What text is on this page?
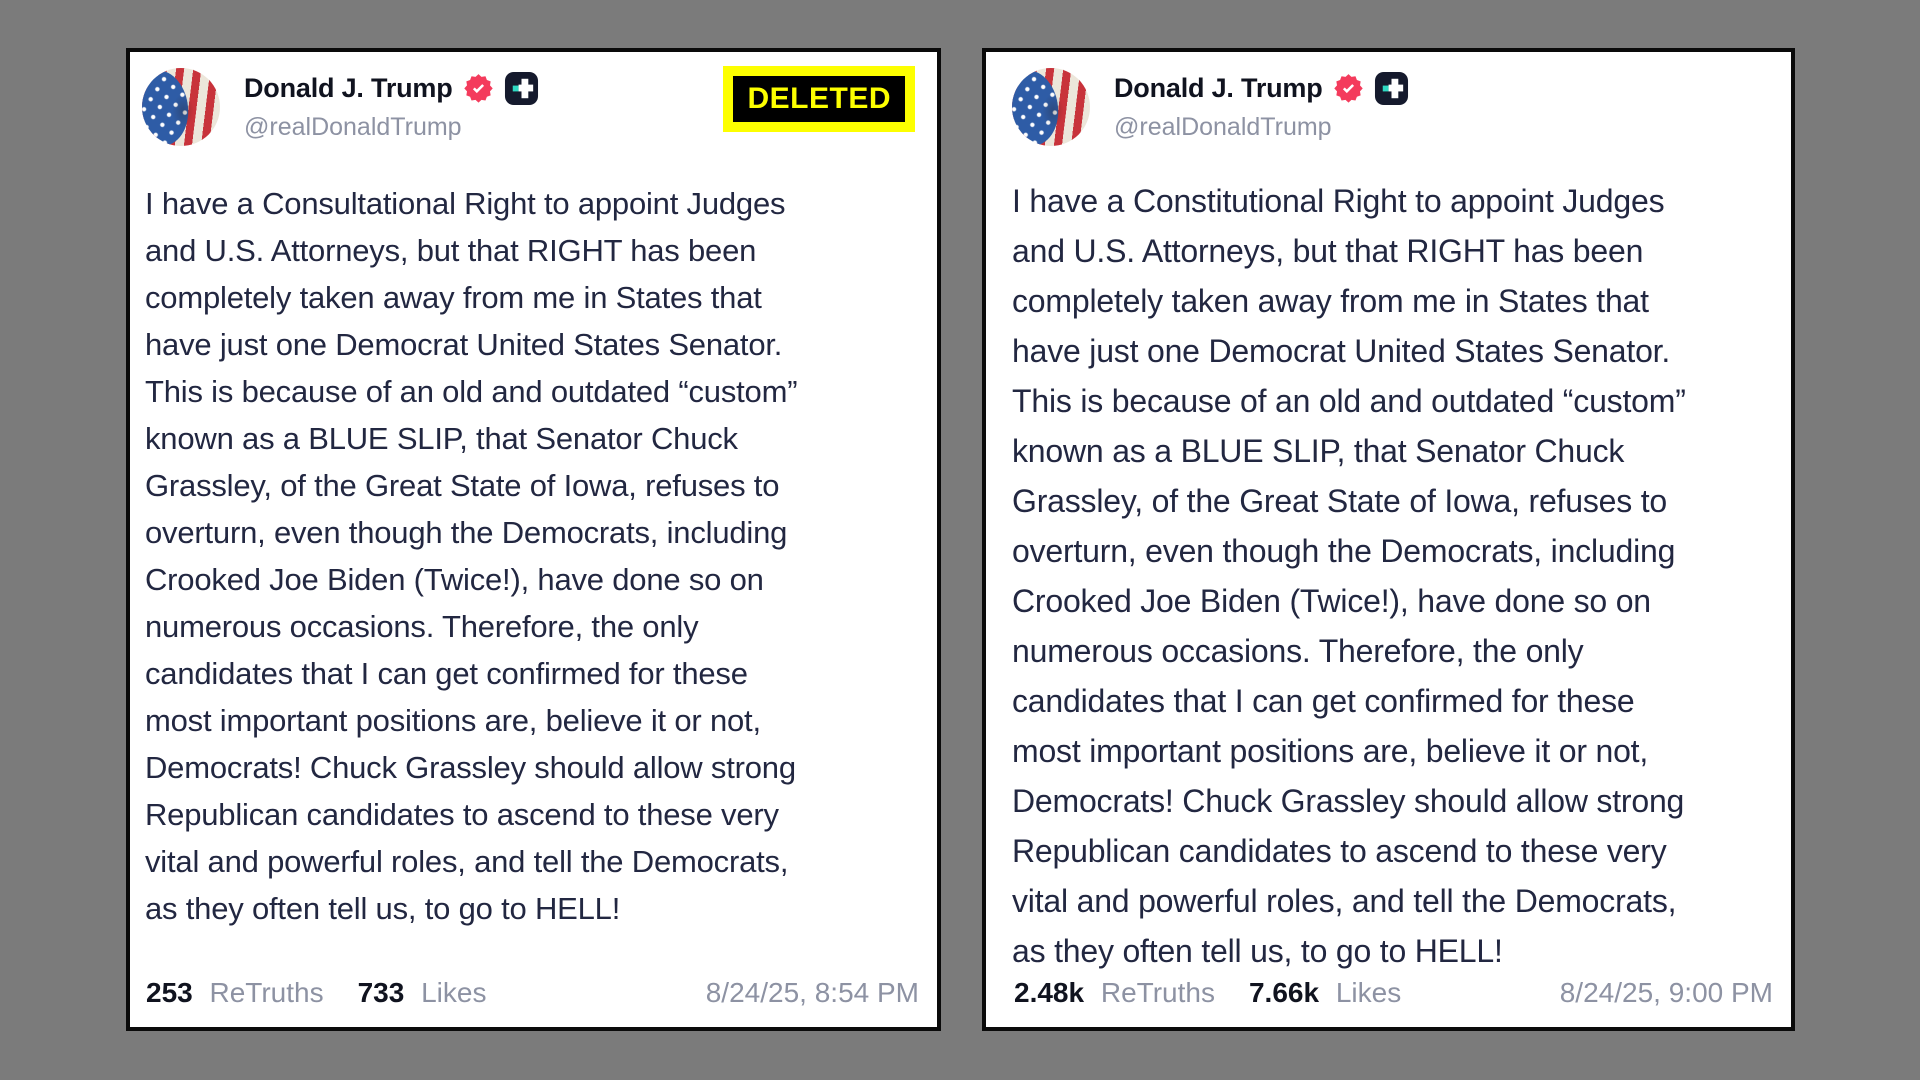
Donald J. Trump
@realDonaldTrump
DELETED
I have a Consultational Right to appoint Judges
and U.S. Attorneys, but that RIGHT has been
completely taken away from me in States that
have just one Democrat United States Senator.
This is because of an old and outdated “custom”
known as a BLUE SLIP, that Senator Chuck
Grassley, of the Great State of Iowa, refuses to
overturn, even though the Democrats, including
Crooked Joe Biden (Twice!), have done so on
numerous occasions. Therefore, the only
candidates that I can get confirmed for these
most important positions are, believe it or not,
Democrats! Chuck Grassley should allow strong
Republican candidates to ascend to these very
vital and powerful roles, and tell the Democrats,
as they often tell us, to go to HELL!
253 ReTruths 733 Likes	8/24/25, 8:54 PM
Donald J. Trump
@realDonaldTrump
I have a Constitutional Right to appoint Judges
and U.S. Attorneys, but that RIGHT has been
completely taken away from me in States that
have just one Democrat United States Senator.
This is because of an old and outdated “custom”
known as a BLUE SLIP, that Senator Chuck
Grassley, of the Great State of Iowa, refuses to
overturn, even though the Democrats, including
Crooked Joe Biden (Twice!), have done so on
numerous occasions. Therefore, the only
candidates that I can get confirmed for these
most important positions are, believe it or not,
Democrats! Chuck Grassley should allow strong
Republican candidates to ascend to these very
vital and powerful roles, and tell the Democrats,
as they often tell us, to go to HELL!
2.48k ReTruths 7.66k Likes	8/24/25, 9:00 PM
